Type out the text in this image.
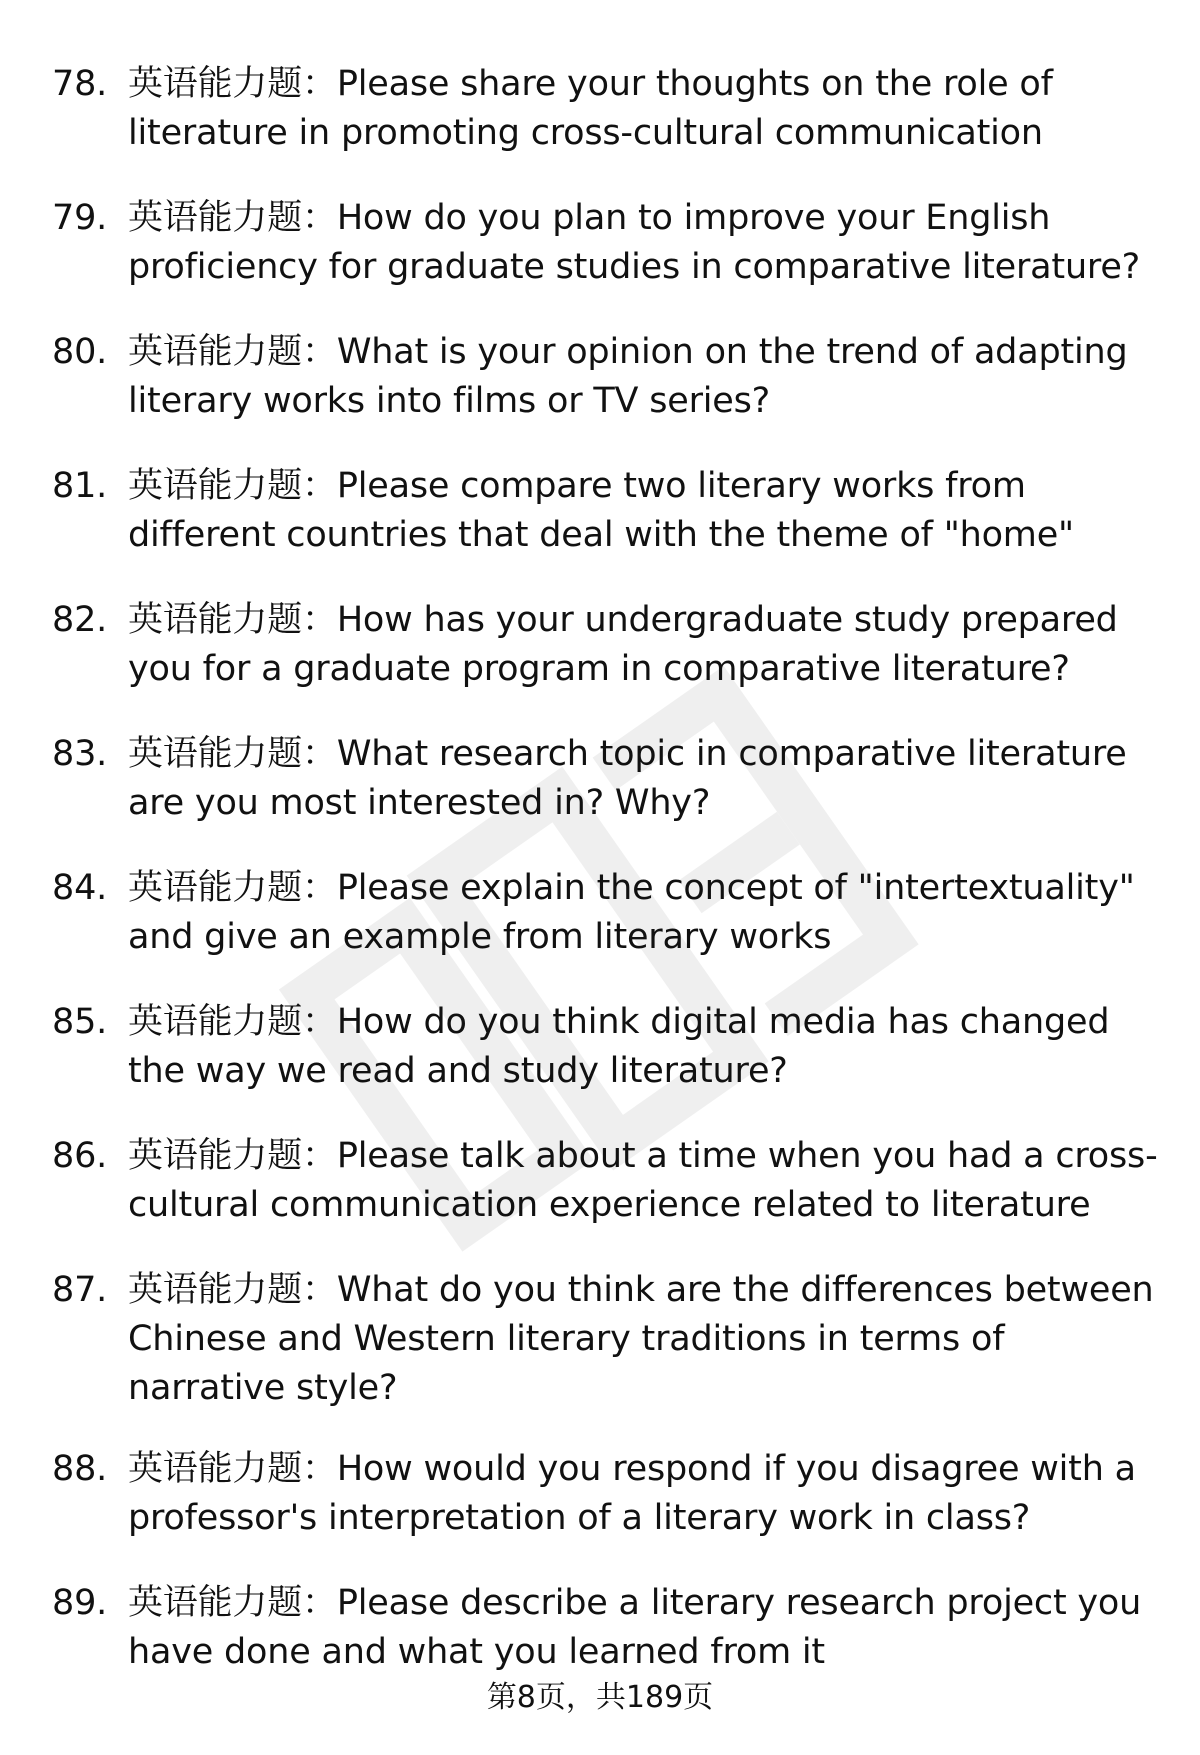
78. 英语能力题：Please share your thoughts on the role of literature in promoting cross-cultural communication
79. 英语能力题：How do you plan to improve your English proficiency for graduate studies in comparative literature?
80. 英语能力题：What is your opinion on the trend of adapting literary works into films or TV series?
81. 英语能力题：Please compare two literary works from different countries that deal with the theme of "home"
82. 英语能力题：How has your undergraduate study prepared you for a graduate program in comparative literature?
83. 英语能力题：What research topic in comparative literature are you most interested in? Why?
84. 英语能力题：Please explain the concept of "intertextuality" and give an example from literary works
85. 英语能力题：How do you think digital media has changed the way we read and study literature?
86. 英语能力题：Please talk about a time when you had a cross-cultural communication experience related to literature
87. 英语能力题：What do you think are the differences between Chinese and Western literary traditions in terms of narrative style?
88. 英语能力题：How would you respond if you disagree with a professor's interpretation of a literary work in class?
89. 英语能力题：Please describe a literary research project you have done and what you learned from it
第8页，共189页
